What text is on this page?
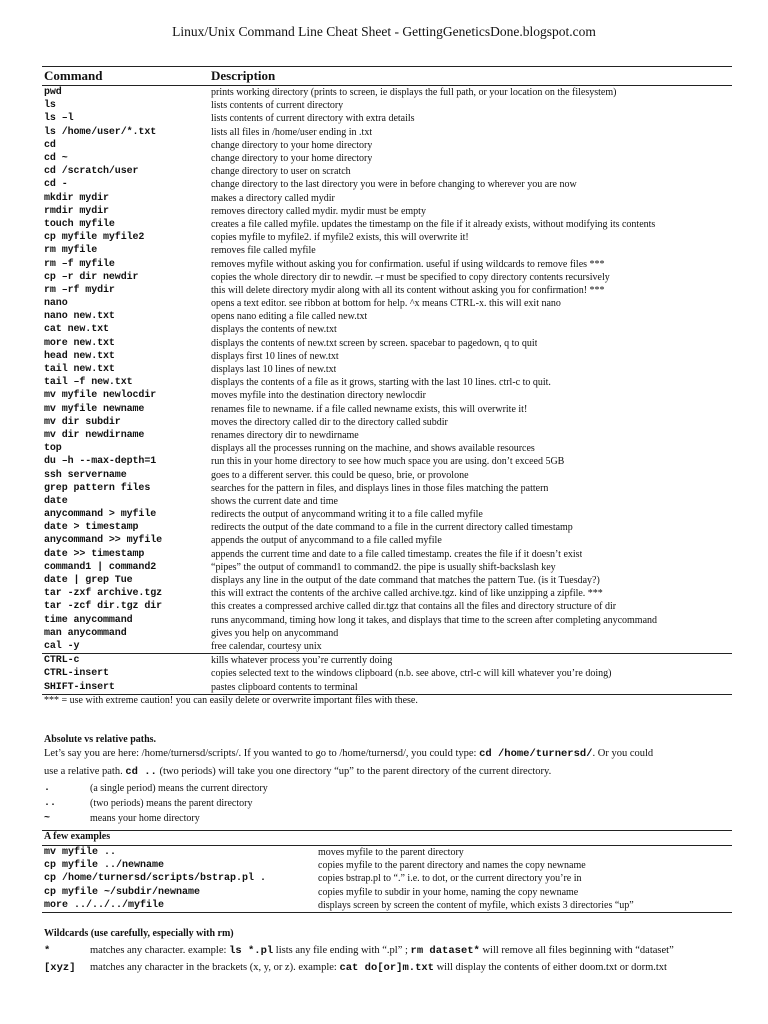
Linux/Unix Command Line Cheat Sheet - GettingGeneticsDone.blogspot.com
Command	Description
pwd	prints working directory (prints to screen, ie displays the full path, or your location on the filesystem)
ls	lists contents of current directory
ls –l	lists contents of current directory with extra details
ls /home/user/*.txt	lists all files in /home/user ending in .txt
cd	change directory to your home directory
cd ~	change directory to your home directory
cd /scratch/user	change directory to user on scratch
cd -	change directory to the last directory you were in before changing to wherever you are now
mkdir mydir	makes a directory called mydir
rmdir mydir	removes directory called mydir. mydir must be empty
touch myfile	creates a file called myfile. updates the timestamp on the file if it already exists, without modifying its contents
cp myfile myfile2	copies myfile to myfile2. if myfile2 exists, this will overwrite it!
rm myfile	removes file called myfile
rm –f myfile	removes myfile without asking you for confirmation. useful if using wildcards to remove files ***
cp –r dir newdir	copies the whole directory dir to newdir. –r must be specified to copy directory contents recursively
rm –rf mydir	this will delete directory mydir along with all its content without asking you for confirmation! ***
nano	opens a text editor. see ribbon at bottom for help. ^x means CTRL-x. this will exit nano
nano new.txt	opens nano editing a file called new.txt
cat new.txt	displays the contents of new.txt
more new.txt	displays the contents of new.txt screen by screen. spacebar to pagedown, q to quit
head new.txt	displays first 10 lines of new.txt
tail new.txt	displays last 10 lines of new.txt
tail –f new.txt	displays the contents of a file as it grows, starting with the last 10 lines. ctrl-c to quit.
mv myfile newlocdir	moves myfile into the destination directory newlocdir
mv myfile newname	renames file to newname. if a file called newname exists, this will overwrite it!
mv dir subdir	moves the directory called dir to the directory called subdir
mv dir newdirname	renames directory dir to newdirname
top	displays all the processes running on the machine, and shows available resources
du –h --max-depth=1	run this in your home directory to see how much space you are using. don’t exceed 5GB
ssh servername	goes to a different server. this could be queso, brie, or provolone
grep pattern files	searches for the pattern in files, and displays lines in those files matching the pattern
date	shows the current date and time
anycommand > myfile	redirects the output of anycommand writing it to a file called myfile
date > timestamp	redirects the output of the date command to a file in the current directory called timestamp
anycommand >> myfile	appends the output of anycommand to a file called myfile
date >> timestamp	appends the current time and date to a file called timestamp. creates the file if it doesn’t exist
command1 | command2	“pipes” the output of command1 to command2. the pipe is usually shift-backslash key
date | grep Tue	displays any line in the output of the date command that matches the pattern Tue. (is it Tuesday?)
tar -zxf archive.tgz	this will extract the contents of the archive called archive.tgz. kind of like unzipping a zipfile. ***
tar -zcf dir.tgz dir	this creates a compressed archive called dir.tgz that contains all the files and directory structure of dir
time anycommand	runs anycommand, timing how long it takes, and displays that time to the screen after completing anycommand
man anycommand	gives you help on anycommand
cal -y	free calendar, courtesy unix
CTRL-c	kills whatever process you’re currently doing
CTRL-insert	copies selected text to the windows clipboard (n.b. see above, ctrl-c will kill whatever you’re doing)
SHIFT-insert	pastes clipboard contents to terminal
*** = use with extreme caution! you can easily delete or overwrite important files with these.
Absolute vs relative paths.
Let’s say you are here: /home/turnersd/scripts/. If you wanted to go to /home/turnersd/, you could type: cd /home/turnersd/. Or you could
use a relative path. cd .. (two periods) will take you one directory “up” to the parent directory of the current directory.
.	(a single period) means the current directory
..	(two periods) means the parent directory
~	means your home directory
A few examples
mv myfile ..	moves myfile to the parent directory
cp myfile ../newname	copies myfile to the parent directory and names the copy newname
cp /home/turnersd/scripts/bstrap.pl .	copies bstrap.pl to “.” i.e. to dot, or the current directory you’re in
cp myfile ~/subdir/newname	copies myfile to subdir in your home, naming the copy newname
more ../../../myfile	displays screen by screen the content of myfile, which exists 3 directories “up”
Wildcards (use carefully, especially with rm)
*	matches any character. example: ls *.pl lists any file ending with “.pl” ; rm dataset* will remove all files beginning with “dataset”
[xyz]	matches any character in the brackets (x, y, or z). example: cat do[or]m.txt will display the contents of either doom.txt or dorm.txt
